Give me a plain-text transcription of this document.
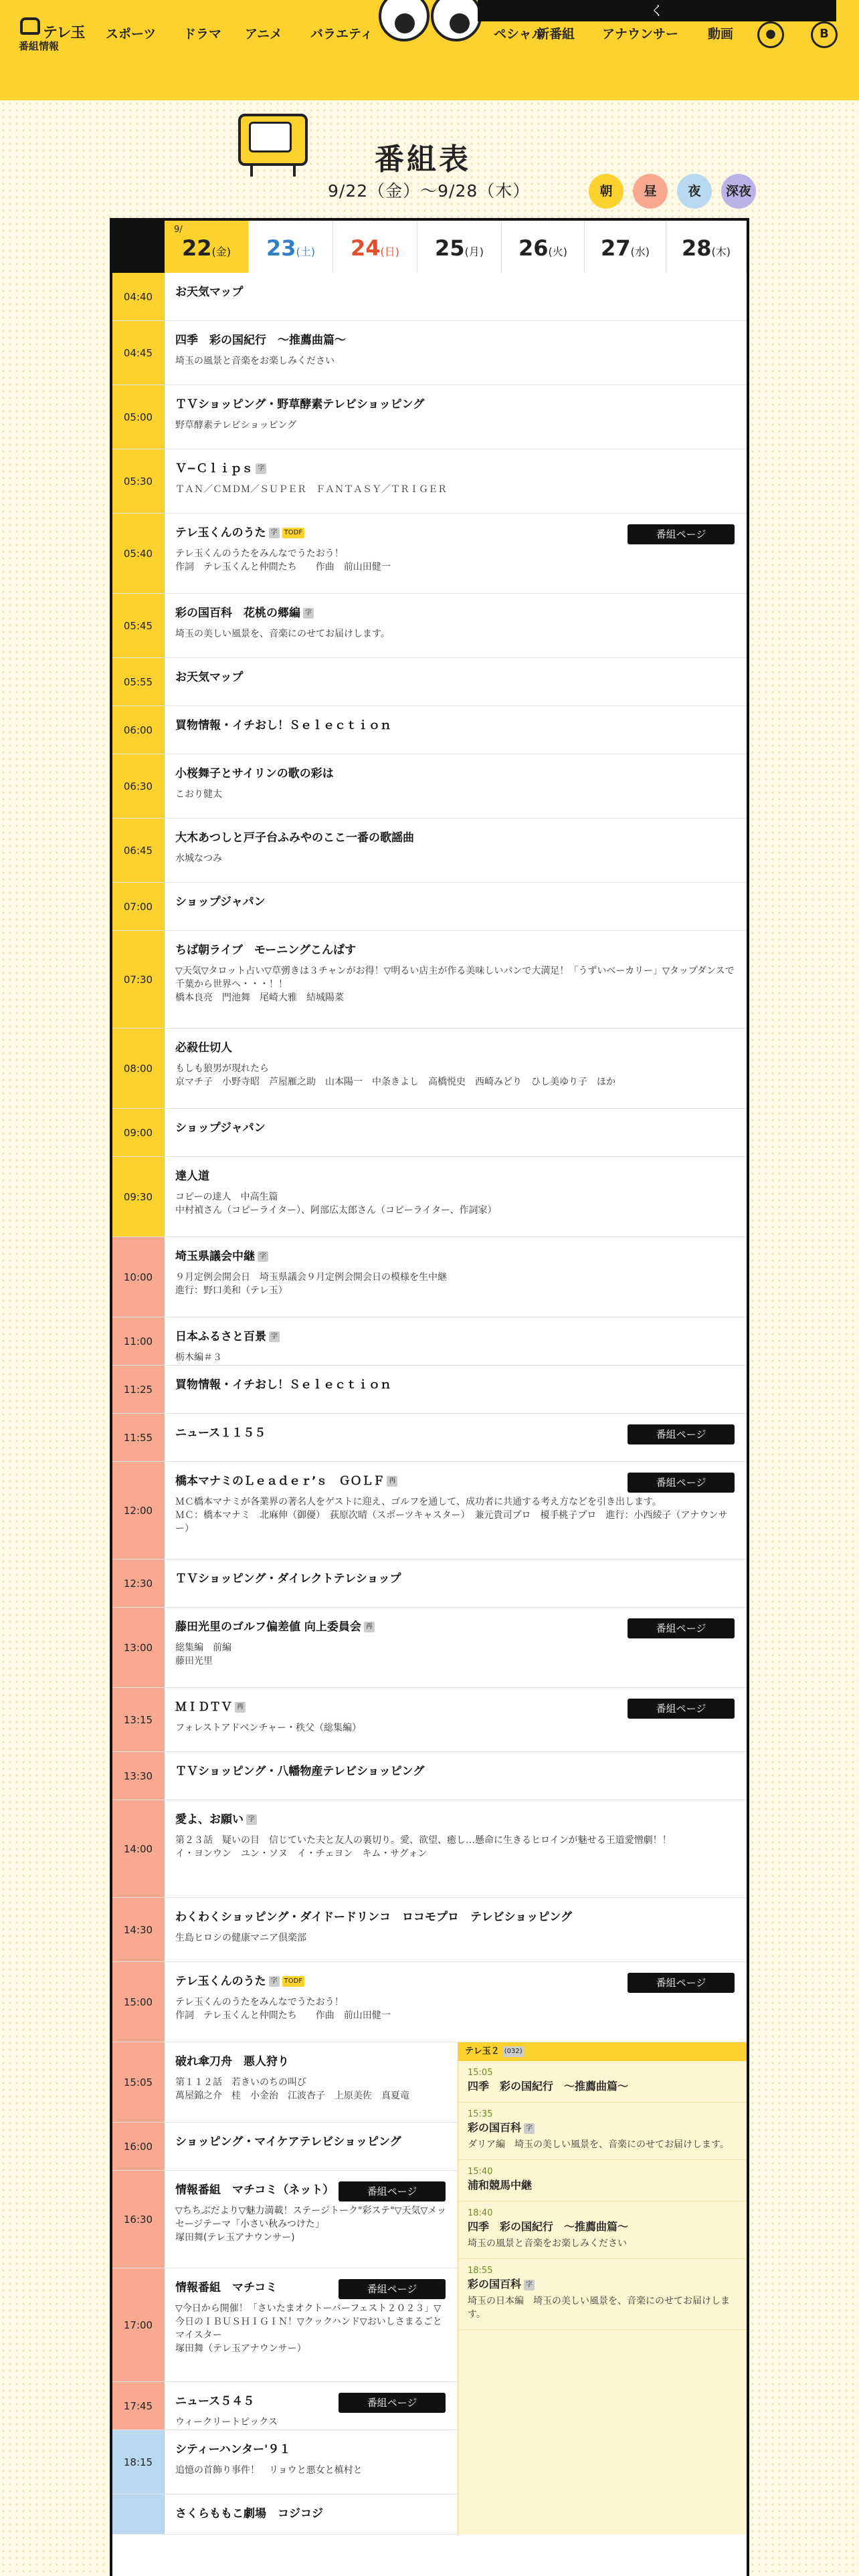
テレ玉
番組情報
スポーツ ドラマ アニメ バラエティ	ペシャル
新番組 アナウンサー 動画
く
●	B
番組表
9/22（金）〜9/28（木）	朝	昼	夜	深夜
9/
22(金)	23(土)	24(日)	25(月)	26(火)	27(水)	28(木)
04:40	お天気マップ
04:45
四季　彩の国紀行　〜推薦曲篇〜
埼玉の風景と音楽をお楽しみください
05:00
ＴＶショッピング・野草酵素テレビショッピング
野草酵素テレビショッピング
05:30
Ｖ−Ｃｌｉｐｓ 字
ＴＡＮ／ＣＭＤＭ／ＳＵＰＥＲ　ＦＡＮＴＡＳＹ／ＴＲＩＧＥＲ
05:40
テレ玉くんのうた 字 TODF
テレ玉くんのうたをみんなでうたおう！
作詞　テレ玉くんと仲間たち　　作曲　前山田健一
番組ページ
05:45
彩の国百科　花桃の郷編 字
埼玉の美しい風景を、音楽にのせてお届けします。
05:55	お天気マップ
06:00	買物情報・イチおし！Ｓｅｌｅｃｔｉｏｎ
06:30
小桜舞子とサイリンの歌の彩は
こおり健太
06:45
大木あつしと戸子台ふみやのここ一番の歌謡曲
水城なつみ
07:00	ショップジャパン
07:30
ちば朝ライブ　モーニングこんぱす
▽天気▽タロット占い▽草彅きは３チャンがお得！▽明るい店主が作る美味しいパンで大満足！「うずいベーカリー」▽タップダンスで千葉から世界へ・・・！！
橋本良亮　門池舞　尾崎大雅　結城陽菜
08:00
必殺仕切人
もしも狼男が現れたら
京マチ子　小野寺昭　芦屋雁之助　山本陽一　中条きよし　高橋悦史　西崎みどり　ひし美ゆり子　ほか
09:00	ショップジャパン
09:30
達人道
コピーの達人　中高生篇
中村禎さん（コピーライター）、阿部広太郎さん（コピーライター、作詞家）
10:00
埼玉県議会中継 字
９月定例会開会日　埼玉県議会９月定例会開会日の模様を生中継
進行：野口美和（テレ玉）
11:00	日本ふるさと百景 字
栃木編＃３
11:25	買物情報・イチおし！Ｓｅｌｅｃｔｉｏｎ
11:55	ニュース１１５５	番組ページ
12:00
橋本マナミのＬｅａｄｅｒ’ｓ　ＧＯＬＦ 再
ＭＣ橋本マナミが各業界の著名人をゲストに迎え、ゴルフを通して、成功者に共通する考え方などを引き出します。
ＭＣ：橋本マナミ　北麻伸（御優）　荻原次晴（スポーツキャスター）　兼元貴司プロ　榎手桃子プロ　進行：小西綾子（アナウンサー）
番組ページ
12:30	ＴＶショッピング・ダイレクトテレショップ
13:00
藤田光里のゴルフ偏差値 向上委員会 再
総集編　前編
藤田光里
番組ページ
13:15
ＭＩＤＴＶ 再
フォレストアドベンチャー・秩父（総集編）
番組ページ
13:30	ＴＶショッピング・八幡物産テレビショッピング
14:00
愛よ、お願い 字
第２３話　疑いの目　信じていた夫と友人の裏切り。愛、欲望、癒し…懸命に生きるヒロインが魅せる王道愛憎劇！！
イ・ヨンウン　ユン・ソヌ　イ・チェヨン　キム・サグォン
14:30
わくわくショッピング・ダイドードリンコ　ロコモプロ　テレビショッピング
生島ヒロシの健康マニア倶楽部
15:00
テレ玉くんのうた 字 TODF
テレ玉くんのうたをみんなでうたおう！
作詞　テレ玉くんと仲間たち　　作曲　前山田健一
番組ページ
15:05
破れ傘刀舟　悪人狩り
第１１２話　若きいのちの叫び
萬屋錦之介　桂　小金治　江波杏子　上原美佐　真夏竜
16:00	ショッピング・マイケアテレビショッピング
16:30
情報番組　マチコミ（ネット）
▽ちちぶだより▽魅力満載！ステージトーク"彩ステ"▽天気▽メッセージテーマ「小さい秋みつけた」
塚田舞(テレ玉アナウンサー)
番組ページ
17:00
情報番組　マチコミ
▽今日から開催！「さいたまオクトーバーフェスト２０２３」▽今日のＩＢＵＳＨＩＧＩＮ！▽クックハンド▽おいしさまるごとマイスター
塚田舞（テレ玉アナウンサー）
番組ページ
17:45	ニュース５４５
ウィークリートピックス
番組ページ
18:15
シティーハンター'９１
追憶の首飾り事件！　リョウと悪女と槙村と
さくらももこ劇場　コジコジ
テレ玉２ (032)
15:05
四季　彩の国紀行　〜推薦曲篇〜
15:35
彩の国百科 字
ダリア編　埼玉の美しい風景を、音楽にのせてお届けします。
15:40
浦和競馬中継
18:40
四季　彩の国紀行　〜推薦曲篇〜
埼玉の風景と音楽をお楽しみください
18:55
彩の国百科 字
埼玉の日本編　埼玉の美しい風景を、音楽にのせてお届けします。
